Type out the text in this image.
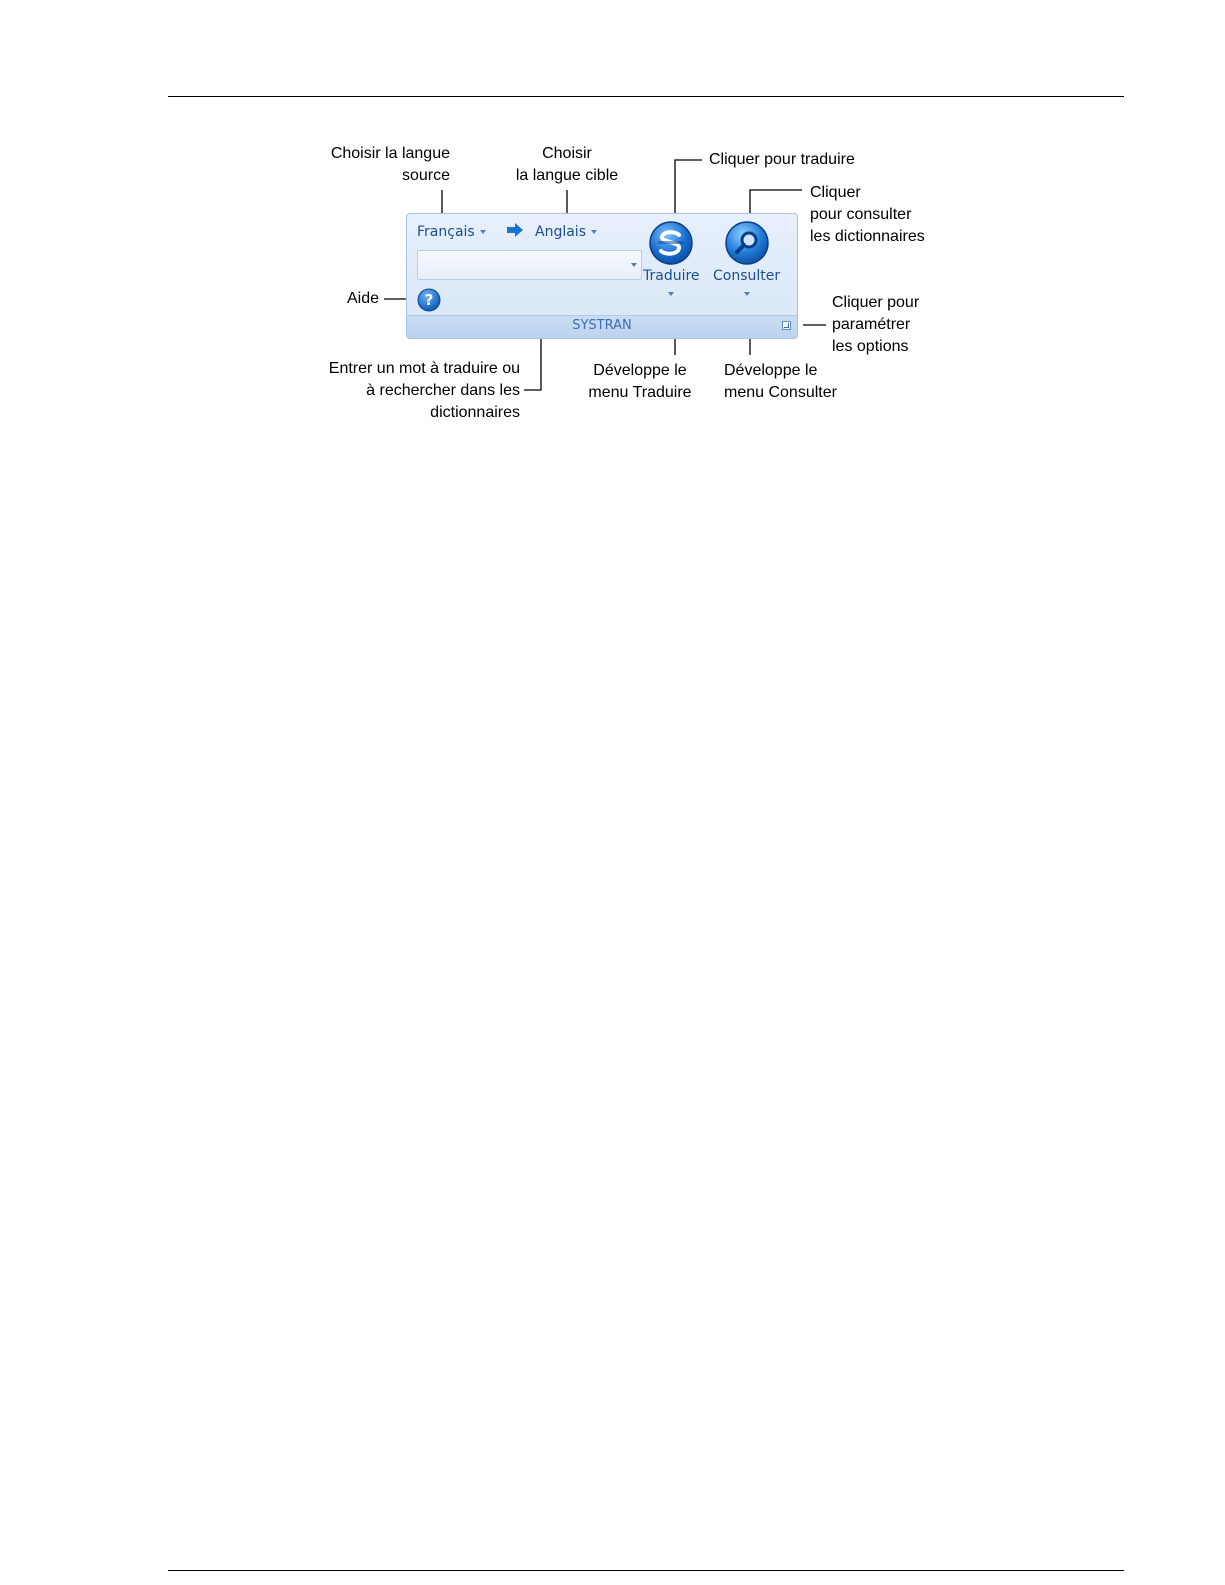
Français	Anglais
?
Traduire Consulter
SYSTRAN
Choisir la langue
source
Choisir
la langue cible
Cliquer pour traduire
Cliquer
pour consulter
les dictionnaires
Aide	Cliquer pour
paramétrer
les options
Entrer un mot à traduire ou
à rechercher dans les
dictionnaires
Développe le
menu Traduire
Développe le
menu Consulter
